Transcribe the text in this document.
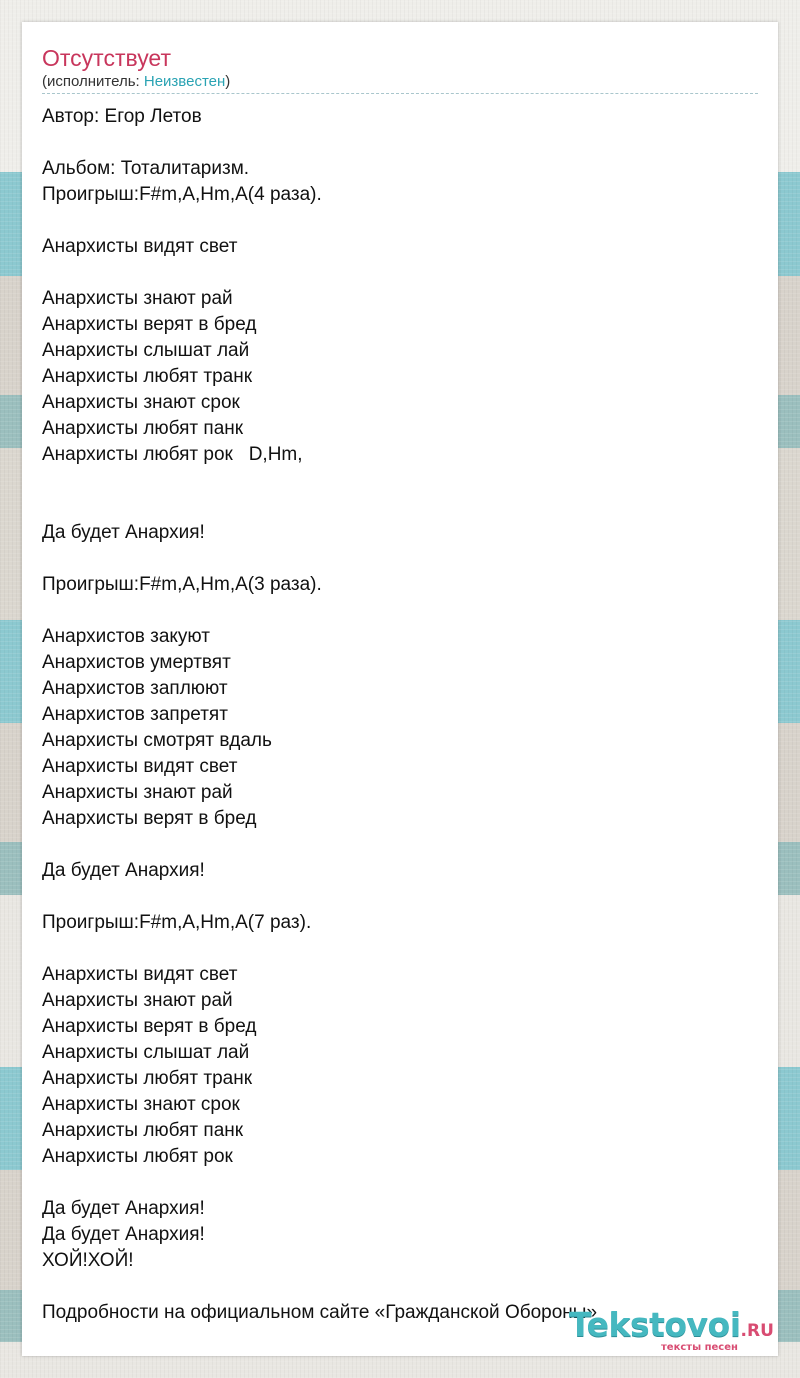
Отсутствует
(исполнитель: Неизвестен)
Автор: Егор Летов

Альбом: Тоталитаризм.
Проигрыш:F#m,A,Hm,A(4 раза).

Анархисты видят свет

Анархисты знают рай
Анархисты верят в бред
Анархисты слышат лай
Анархисты любят транк
Анархисты знают срок
Анархисты любят панк
Анархисты любят рок   D,Hm,

Да будет Анархия!

Проигрыш:F#m,A,Hm,A(3 раза).

Анархистов закуют
Анархистов умертвят
Анархистов заплюют
Анархистов запретят
Анархисты смотрят вдаль
Анархисты видят свет
Анархисты знают рай
Анархисты верят в бред

Да будет Анархия!

Проигрыш:F#m,A,Hm,A(7 раз).

Анархисты видят свет
Анархисты знают рай
Анархисты верят в бред
Анархисты слышат лай
Анархисты любят транк
Анархисты знают срок
Анархисты любят панк
Анархисты любят рок

Да будет Анархия!
Да будет Анархия!
ХОЙ!ХОЙ!

Подробности на официальном сайте «Гражданской Обороны»
Tekstovoi.RU
тексты песен
